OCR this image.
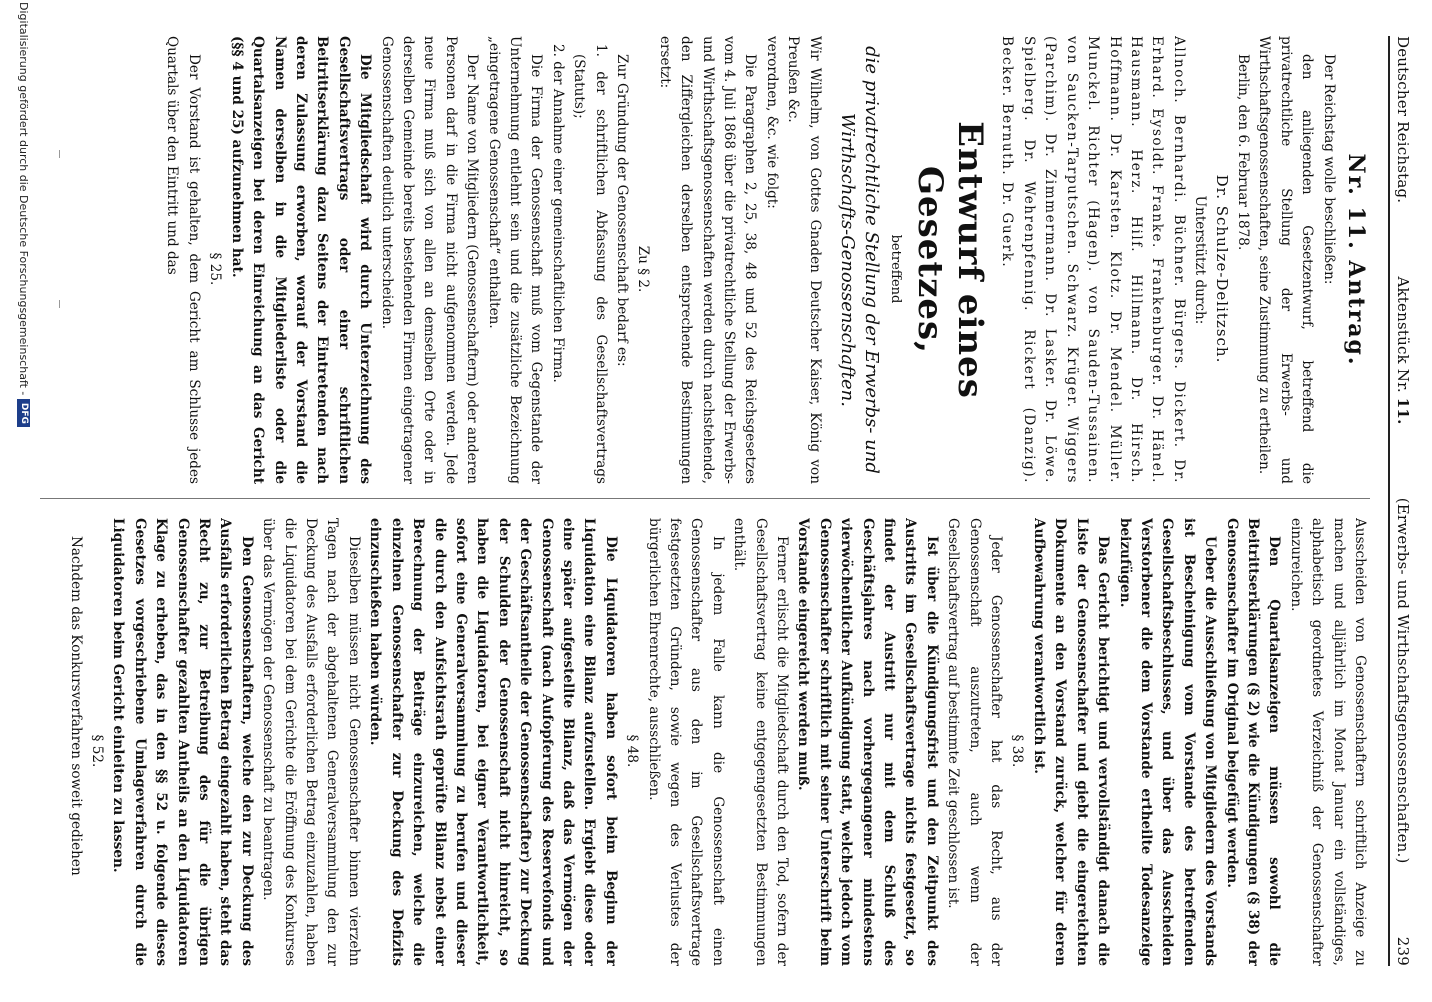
Deutscher Reichstag.
Aktenstück Nr. 11.
(Erwerbs- und Wirthschaftsgenossenschaften.)
239
Nr. 11. Antrag.

Der Reichstag wolle beschließen:

den anliegenden Gesetzentwurf, betreffend die privatrechtliche Stellung der Erwerbs- und Wirthschaftsgenossenschaften, seine Zustimmung zu ertheilen.

Berlin, den 6. Februar 1878.

Dr. Schulze-Delitzsch.

Unterstützt durch:

Allnoch. Bernhardi. Büchner. Bürgers. Dickert. Dr. Erhard. Eysoldt. Franke. Frankenburger. Dr. Hänel. Hausmann. Herz. Hilf. Hillmann. Dr. Hirsch. Hoffmann. Dr. Karsten. Klotz. Dr. Mendel. Müller. Munckel. Richter (Hagen). von Sauden-Tussainen. von Saucken-Tarputschen. Schwarz. Krüger. Wiggers (Parchim). Dr. Zimmermann. Dr. Lasker. Dr. Löwe. Spielberg. Dr. Wehrenpfennig. Rickert (Danzig). Becker. Bernuth. Dr. Guerk.

Entwurf eines Gesetzes,

betreffend

die privatrechtliche Stellung der Erwerbs- und Wirthschafts-Genossenschaften.

Wir Wilhelm, von Gottes Gnaden Deutscher Kaiser, König von Preußen &c.

verordnen, &c. wie folgt:

Die Paragraphen 2, 25, 38, 48 und 52 des Reichsgesetzes vom 4. Juli 1868 über die privatrechtliche Stellung der Erwerbs- und Wirthschaftsgenossenschaften werden durch nachstehende, den Ziffergleichen derselben entsprechende Bestimmungen ersetzt:

Zu § 2.

Zur Gründung der Genossenschaft bedarf es:

1. der schriftlichen Abfassung des Gesellschaftsvertrags (Statuts);

2. der Annahme einer gemeinschaftlichen Firma.

Die Firma der Genossenschaft muß vom Gegenstande der Unternehmung entlehnt sein und die zusätzliche Bezeichnung „eingetragene Genossenschaft“ enthalten.

Der Name von Mitgliedern (Genossenschaftern) oder anderen Personen darf in die Firma nicht aufgenommen werden. Jede neue Firma muß sich von allen an demselben Orte oder in derselben Gemeinde bereits bestehenden Firmen eingetragener Genossenschaften deutlich unterscheiden.

Die Mitgliedschaft wird durch Unterzeichnung des Gesellschaftsvertrags oder einer schriftlichen Beitrittserklärung dazu Seitens der Eintretenden nach deren Zulassung erworben, worauf der Vorstand die Namen derselben in die Mitgliederliste oder die Quartalsanzeigen bei deren Einreichung an das Gericht (§§ 4 und 25) aufzunehmen hat.

§ 25.

Der Vorstand ist gehalten, dem Gericht am Schlusse jedes Quartals über den Eintritt und das

Ausscheiden von Genossenschaftern schriftlich Anzeige zu machen und alljährlich im Monat Januar ein vollständiges, alphabetisch geordnetes Verzeichniß der Genossenschafter einzureichen.

Den Quartalsanzeigen müssen sowohl die Beitrittserklärungen (§ 2) wie die Kündigungen (§ 38) der Genossenschafter im Original beigefügt werden.

Ueber die Ausschließung von Mitgliedern des Vorstands ist Bescheinigung vom Vorstande des betreffenden Gesellschaftsbeschlusses, und über das Ausscheiden Verstorbener die dem Vorstande ertheilte Todesanzeige beizufügen.

Das Gericht berichtigt und vervollständigt danach die Liste der Genossenschafter und giebt die eingereichten Dokumente an den Vorstand zurück, welcher für deren Aufbewahrung verantwortlich ist.

§ 38.

Jeder Genossenschafter hat das Recht, aus der Genossenschaft auszutreten, auch wenn der Gesellschaftsvertrag auf bestimmte Zeit geschlossen ist.

Ist über die Kündigungsfrist und den Zeitpunkt des Austritts im Gesellschaftsvertrage nichts festgesetzt, so findet der Austritt nur mit dem Schluß des Geschäftsjahres nach vorhergegangener mindestens vierwöchentlicher Aufkündigung statt, welche jedoch vom Genossenschafter schriftlich mit seiner Unterschrift beim Vorstande eingereicht werden muß.

Ferner erlischt die Mitgliedschaft durch den Tod, sofern der Gesellschaftsvertrag keine entgegengesetzten Bestimmungen enthält.

In jedem Falle kann die Genossenschaft einen Genossenschafter aus den im Gesellschaftsvertrage festgesetzten Gründen, sowie wegen des Verlustes der bürgerlichen Ehrenrechte, ausschließen.

§ 48.

Die Liquidatoren haben sofort beim Beginn der Liquidation eine Bilanz aufzustellen. Ergiebt diese oder eine später aufgestellte Bilanz, daß das Vermögen der Genossenschaft (nach Aufopferung des Reservefonds und der Geschäftsantheile der Genossenschafter) zur Deckung der Schulden der Genossenschaft nicht hinreicht, so haben die Liquidatoren, bei eigner Verantwortlichkeit, sofort eine Generalversammlung zu berufen und dieser die durch den Aufsichtsrath geprüfte Bilanz nebst einer Berechnung der Beiträge einzureichen, welche die einzelnen Genossenschafter zur Deckung des Defizits einzuschießen haben würden.

Dieselben müssen nicht Genossenschafter binnen vierzehn Tagen nach der abgehaltenen Generalversammlung den zur Deckung des Ausfalls erforderlichen Betrag einzuzahlen, haben die Liquidatoren bei dem Gerichte die Eröffnung des Konkurses über das Vermögen der Genossenschaft zu beantragen.

Den Genossenschaftern, welche den zur Deckung des Ausfalls erforderlichen Betrag eingezahlt haben, steht das Recht zu, zur Betreibung des für die übrigen Genossenschafter gezahlten Antheils an den Liquidatoren Klage zu erheben, das in den §§ 52 u. folgende dieses Gesetzes vorgeschriebene Umlageverfahren durch die Liquidatoren beim Gericht einleiten zu lassen.

§ 52.

Nachdem das Konkursverfahren soweit gediehen

Digitalisierung gefördert durch die Deutsche Forschungsgemeinschaft -
DFG
